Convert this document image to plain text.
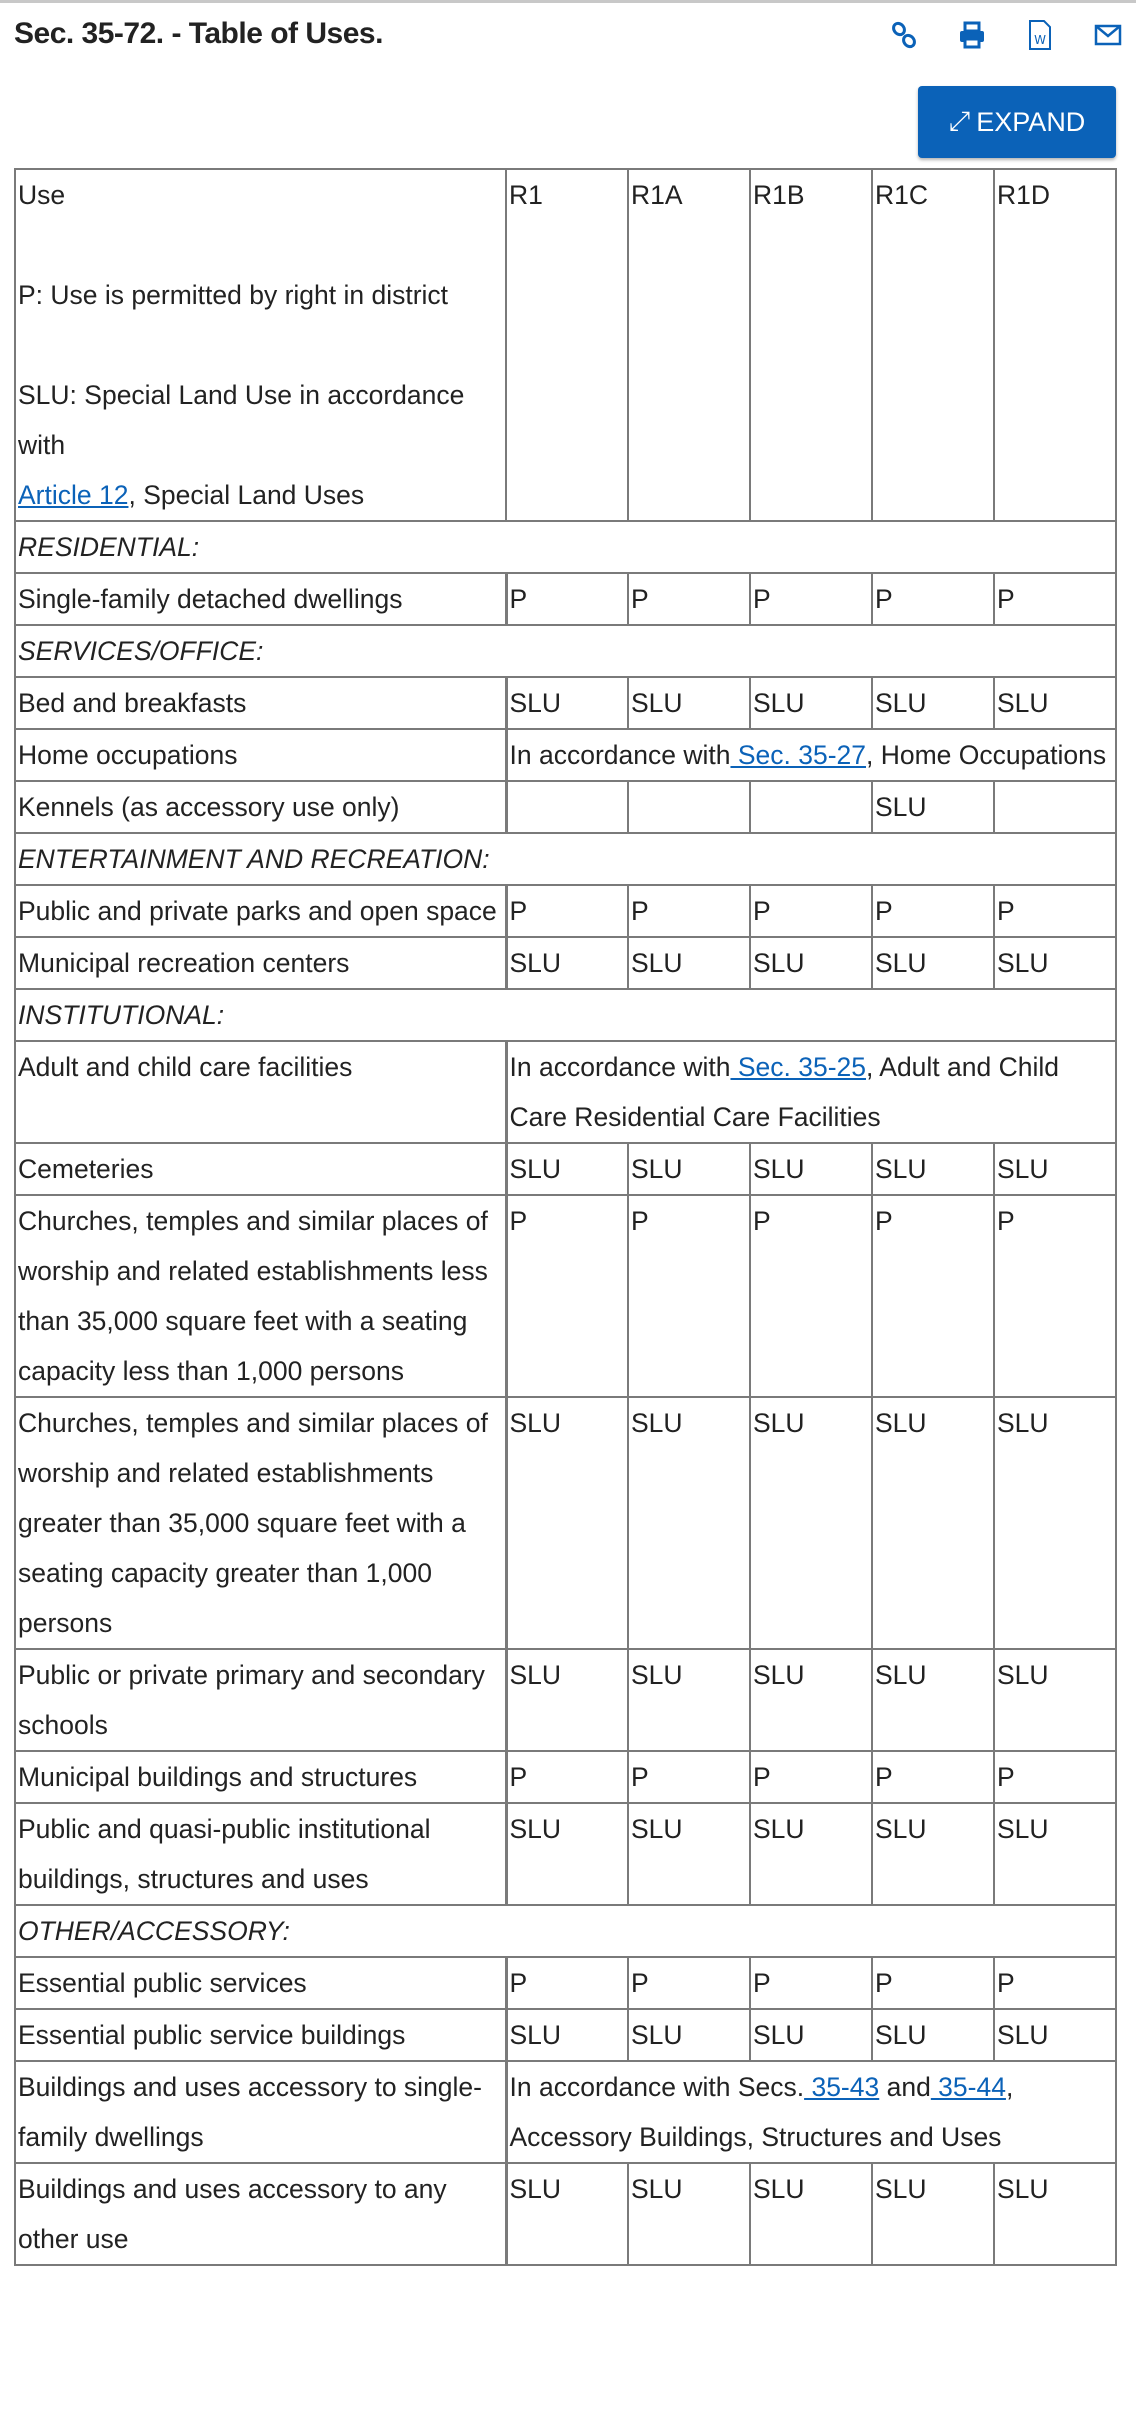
Sec. 35-72. - Table of Uses.	W
⤢ EXPAND
Use

P: Use is permitted by right in district

SLU: Special Land Use in accordance with
Article 12, Special Land Uses	R1	R1A	R1B	R1C	R1D
RESIDENTIAL:					
Single-family detached dwellings	P	P	P	P	P
SERVICES/OFFICE:					
Bed and breakfasts	SLU	SLU	SLU	SLU	SLU
Home occupations	In accordance with Sec. 35-27, Home Occupations				
Kennels (as accessory use only)				SLU	
ENTERTAINMENT AND RECREATION:					
Public and private parks and open space	P	P	P	P	P
Municipal recreation centers	SLU	SLU	SLU	SLU	SLU
INSTITUTIONAL:					
Adult and child care facilities	In accordance with Sec. 35-25, Adult and Child Care Residential Care Facilities				
Cemeteries	SLU	SLU	SLU	SLU	SLU
Churches, temples and similar places of worship and related establishments less than 35,000 square feet with a seating capacity less than 1,000 persons	P	P	P	P	P
Churches, temples and similar places of worship and related establishments greater than 35,000 square feet with a seating capacity greater than 1,000 persons	SLU	SLU	SLU	SLU	SLU
Public or private primary and secondary schools	SLU	SLU	SLU	SLU	SLU
Municipal buildings and structures	P	P	P	P	P
Public and quasi-public institutional buildings, structures and uses	SLU	SLU	SLU	SLU	SLU
OTHER/ACCESSORY:					
Essential public services	P	P	P	P	P
Essential public service buildings	SLU	SLU	SLU	SLU	SLU
Buildings and uses accessory to single-family dwellings	In accordance with Secs. 35-43 and 35-44, Accessory Buildings, Structures and Uses				
Buildings and uses accessory to any other use	SLU	SLU	SLU	SLU	SLU
